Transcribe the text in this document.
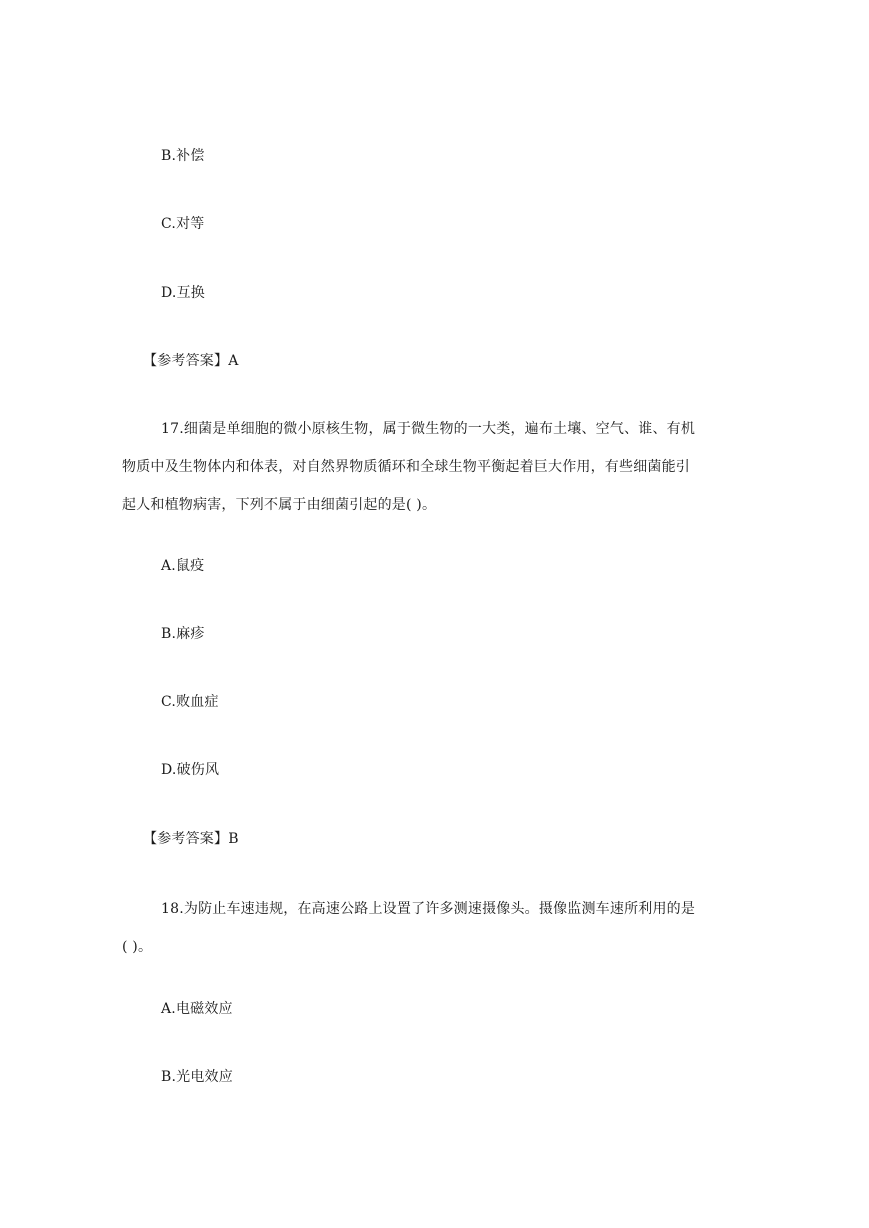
B.补偿
C.对等
D.互换
【参考答案】A
17.细菌是单细胞的微小原核生物，属于微生物的一大类，遍布土壤、空气、谁、有机
物质中及生物体内和体表，对自然界物质循环和全球生物平衡起着巨大作用，有些细菌能引
起人和植物病害，下列不属于由细菌引起的是( )。
A.鼠疫
B.麻疹
C.败血症
D.破伤风
【参考答案】B
18.为防止车速违规，在高速公路上设置了许多测速摄像头。摄像监测车速所利用的是
( )。
A.电磁效应
B.光电效应
